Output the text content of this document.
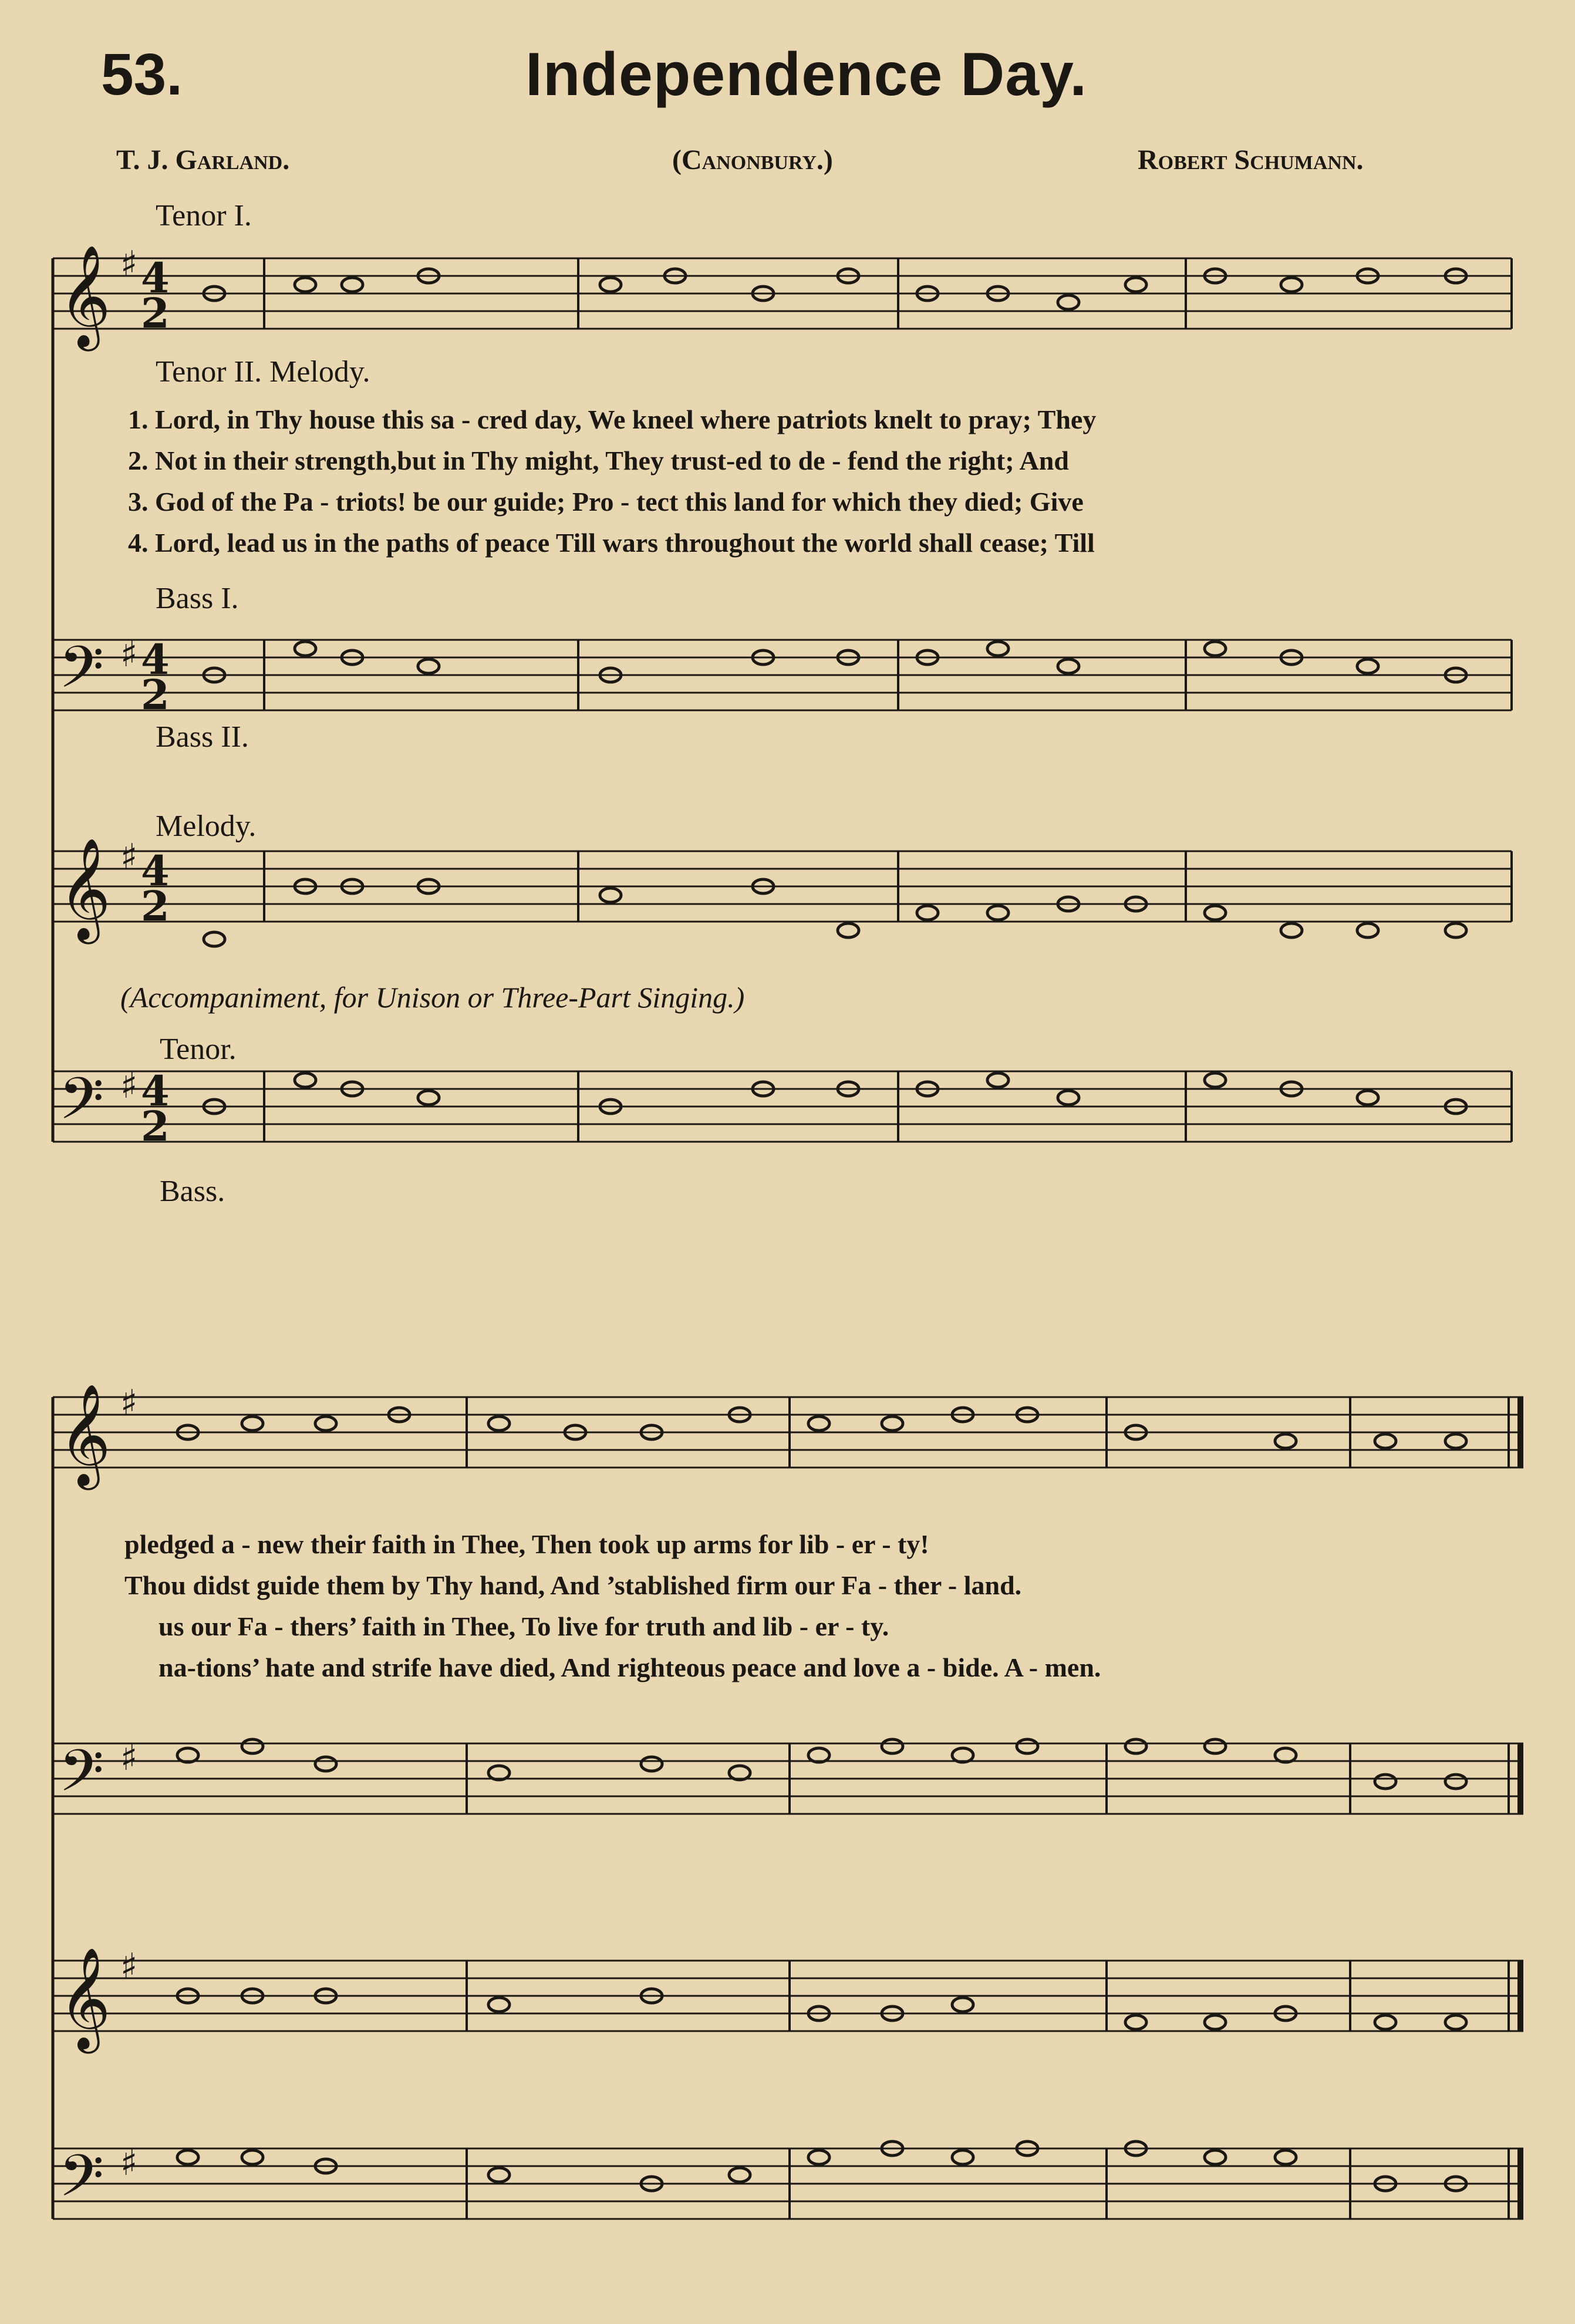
53.	Independence Day.
T. J. Garland.	(Canonbury.)	Robert Schumann.
𝄞
𝄢
𝄞
𝄢
𝄞
𝄢
𝄞
𝄢
♯
♯
♯
♯
♯
♯
♯
♯
4
2
4
2
4
2
4
2
Tenor I.
Tenor II. Melody.
Bass I.
Bass II.
Melody.
(Accompaniment, for Unison or Three-Part Singing.)
Tenor.
Bass.
1. Lord, in Thy house this sa - cred day, We kneel where patriots knelt to pray; They
2. Not in their strength,but in Thy might, They trust-ed to de - fend the right; And
3. God of the Pa - triots! be our guide; Pro - tect this land for which they died; Give
4. Lord, lead us in the paths of peace Till wars throughout the world shall cease; Till
pledged a - new their faith in Thee, Then took up arms for lib - er - ty!
Thou didst guide them by Thy hand, And ’stablished firm our Fa - ther - land.
us our Fa - thers’ faith in Thee, To live for truth and lib - er - ty.
na-tions’ hate and strife have died, And righteous peace and love a - bide. A - men.
